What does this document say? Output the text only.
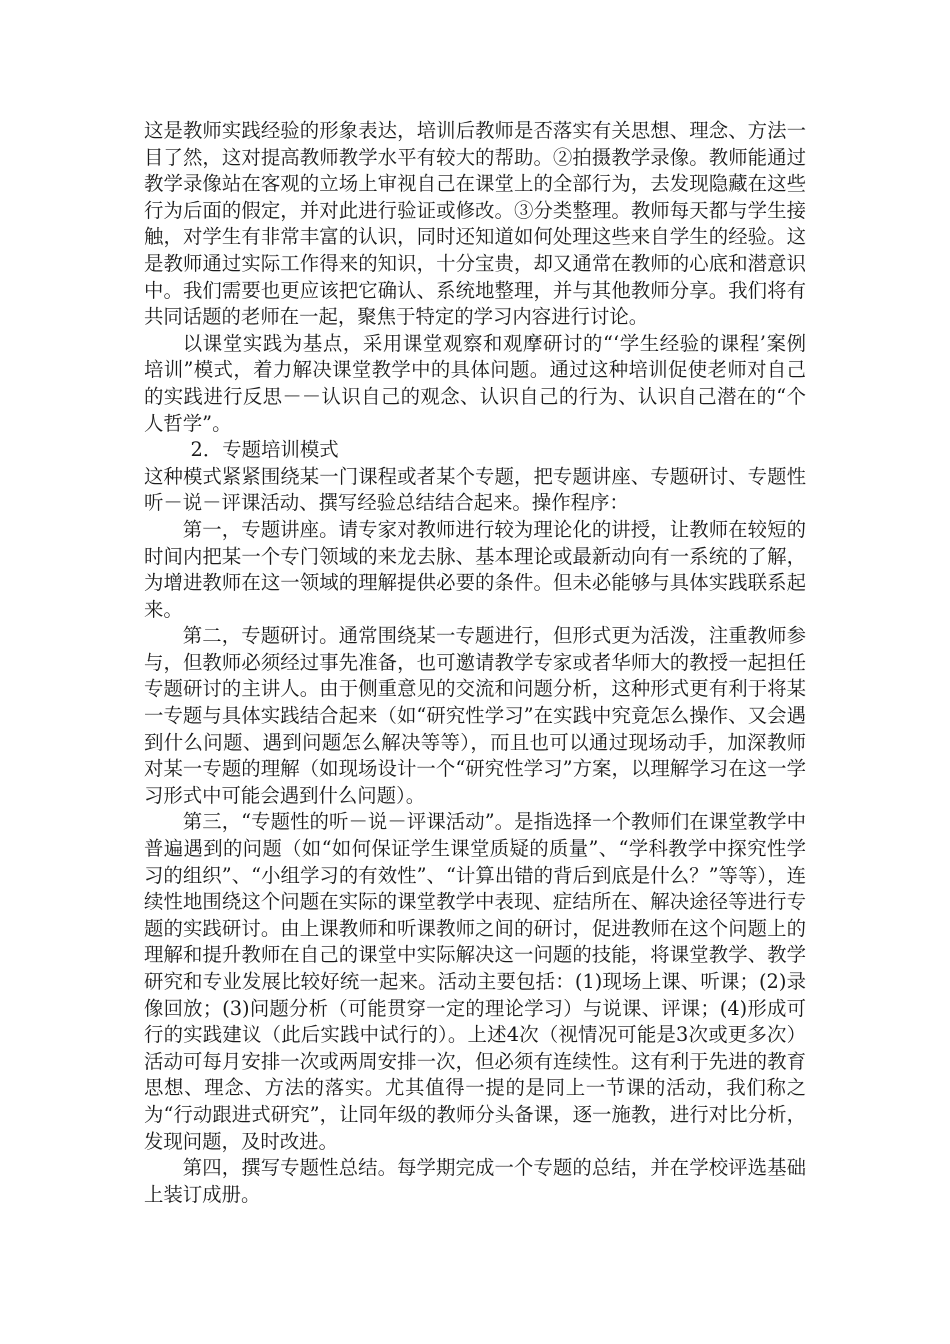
这是教师实践经验的形象表达，培训后教师是否落实有关思想、理念、方法一目了然，这对提高教师教学水平有较大的帮助。②拍摄教学录像。教师能通过教学录像站在客观的立场上审视自己在课堂上的全部行为，去发现隐藏在这些行为后面的假定，并对此进行验证或修改。③分类整理。教师每天都与学生接触，对学生有非常丰富的认识，同时还知道如何处理这些来自学生的经验。这是教师通过实际工作得来的知识，十分宝贵，却又通常在教师的心底和潜意识中。我们需要也更应该把它确认、系统地整理，并与其他教师分享。我们将有共同话题的老师在一起，聚焦于特定的学习内容进行讨论。

以课堂实践为基点，采用课堂观察和观摩研讨的“‘学生经验的课程’案例培训”模式，着力解决课堂教学中的具体问题。通过这种培训促使老师对自己的实践进行反思－－认识自己的观念、认识自己的行为、认识自己潜在的“个人哲学”。

2．专题培训模式

这种模式紧紧围绕某一门课程或者某个专题，把专题讲座、专题研讨、专题性听－说－评课活动、撰写经验总结结合起来。操作程序：

第一，专题讲座。请专家对教师进行较为理论化的讲授，让教师在较短的时间内把某一个专门领域的来龙去脉、基本理论或最新动向有一系统的了解，为增进教师在这一领域的理解提供必要的条件。但未必能够与具体实践联系起来。

第二，专题研讨。通常围绕某一专题进行，但形式更为活泼，注重教师参与，但教师必须经过事先准备，也可邀请教学专家或者华师大的教授一起担任专题研讨的主讲人。由于侧重意见的交流和问题分析，这种形式更有利于将某一专题与具体实践结合起来（如“研究性学习”在实践中究竟怎么操作、又会遇到什么问题、遇到问题怎么解决等等），而且也可以通过现场动手，加深教师对某一专题的理解（如现场设计一个“研究性学习”方案，以理解学习在这一学习形式中可能会遇到什么问题）。

第三，“专题性的听－说－评课活动”。是指选择一个教师们在课堂教学中普遍遇到的问题（如“如何保证学生课堂质疑的质量”、“学科教学中探究性学习的组织”、“小组学习的有效性”、“计算出错的背后到底是什么？”等等），连续性地围绕这个问题在实际的课堂教学中表现、症结所在、解决途径等进行专题的实践研讨。由上课教师和听课教师之间的研讨，促进教师在这个问题上的理解和提升教师在自己的课堂中实际解决这一问题的技能，将课堂教学、教学研究和专业发展比较好统一起来。活动主要包括：(1)现场上课、听课；(2)录像回放；(3)问题分析（可能贯穿一定的理论学习）与说课、评课；(4)形成可行的实践建议（此后实践中试行的）。上述4次（视情况可能是3次或更多次）活动可每月安排一次或两周安排一次，但必须有连续性。这有利于先进的教育思想、理念、方法的落实。尤其值得一提的是同上一节课的活动，我们称之为“行动跟进式研究”，让同年级的教师分头备课，逐一施教，进行对比分析，发现问题，及时改进。

第四，撰写专题性总结。每学期完成一个专题的总结，并在学校评选基础上装订成册。
